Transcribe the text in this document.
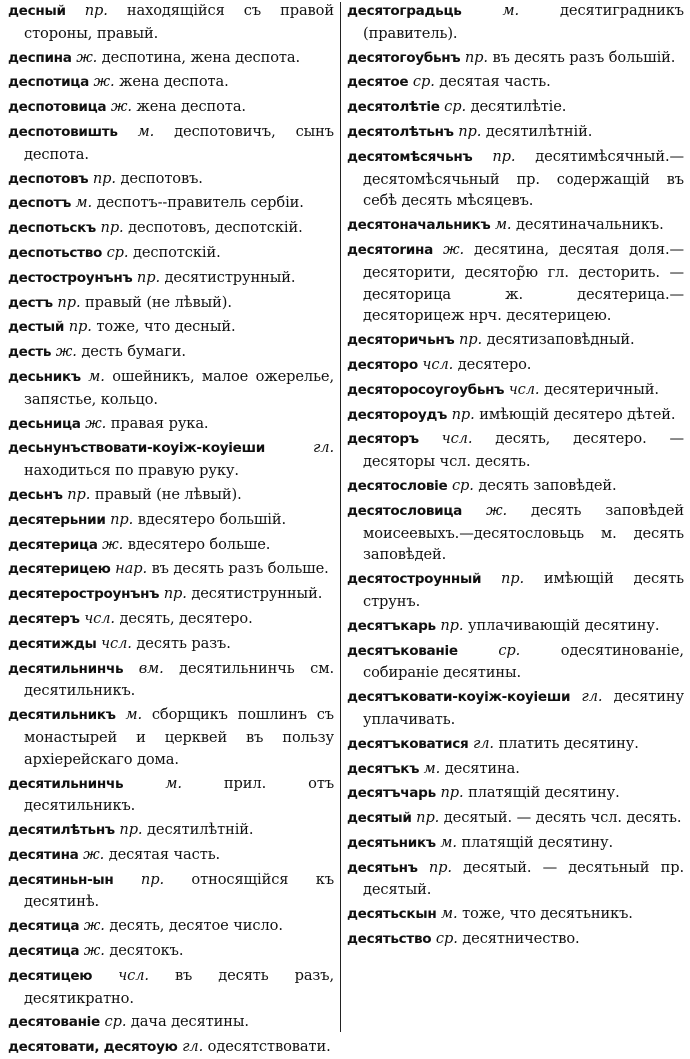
десный пр. находящійся съ правой стороны, правый.

деспина ж. деспотина, жена деспота.

деспотица ж. жена деспота.

деспотовица ж. жена деспота.

деспотовишть м. деспотовичъ, сынъ деспота.

деспотовъ пр. деспотовъ.

деспотъ м. деспотъ--правитель сербіи.

деспотьскъ пр. деспотовъ, деспотскій.

деспотьство ср. деспотскій.

дестостроунънъ пр. десятиструнный.

дестъ пр. правый (не лѣвый).

дестый пр. тоже, что десный.

десть ж. десть бумаги.

десьникъ м. ошейникъ, малое ожерелье, запястье, кольцо.

десьница ж. правая рука.

десьнунъствовати-коуіж-коуіеши	гл. находиться по правую руку.

десьнъ пр. правый (не лѣвый).

десятерьнии пр. вдесятеро большій.

десятерица ж. вдесятеро больше.

десятерицею нар. въ десять разъ больше.

десятеростроунънъ пр. десятиструнный.

десятеръ чсл. десять, десятеро.

десятижды чсл. десять разъ.

десятильнинчь вм. десятильнинчь см. десятильникъ.

десятильникъ м. сборщикъ пошлинъ съ монастырей и церквей въ пользу архіерейскаго дома.

десятильнинчь	м.	прил. отъ десятильникъ.

десятилѣтьнъ пр. десятилѣтній.

десятина ж. десятая часть.

десятиньн-ын пр. относящійся къ десятинѣ.

десятица ж. десять, десятое число.

десятица ж. десятокъ.

десятицею чсл. въ десять разъ, десятикратно.

десятованіе ср. дача десятины.

десятовати, десятоую гл. одесятствовати.

десятоградьць	м.	десятиградникъ (правитель).

десятогоубьнъ пр. въ десять разъ большій.

десятое ср. десятая часть.

десятолѣтіе ср. десятилѣтіе.

десятолѣтьнъ пр. десятилѣтній.

десятомѣсячьнъ пр. десятимѣсячный.—десятомѣсячьный пр. содержащій въ себѣ десять мѣсяцевъ.

десятоначальникъ м. десятиначальникъ.

десятorина ж. десятина, десятая доля.—десяторити, десятор̃ю гл. десторить. — десяторица ж. десятерица.—десяторицеж нрч. десятерицею.

десяторичьнъ пр. десятизаповѣдный.

десятoро чсл. десятеро.

десятoросоугоубьнъ чсл. десятеричный.

десятoроудъ пр. имѣющій десятеро дѣтей.

десяторъ чсл. десять, десятеро. — десяторы чсл. десять.

десятословіе ср. десять заповѣдей.

десятословица ж. десять заповѣдей моисеевыхъ.—десятословьць м. десять заповѣдей.

десятострoунный пр. имѣющій десять струнъ.

десятъкарь пр. уплачивающій десятину.

десятъкованіе	ср.	одесятинованіе, собираніе десятины.

десятъковати-коуіж-коуіеши гл. десятину уплачивать.

десятъковатися гл. платить десятину.

десятъкъ м. десятина.

десятъчарь пр. платящій десятину.

десятый пр. десятый. — десять чсл. десять.

десятьникъ м. платящій десятину.

десятьнъ пр. десятый. — десятьный пр. десятый.

десятьскын м. тоже, что десятьникъ.

десятьство ср. десятничество.
